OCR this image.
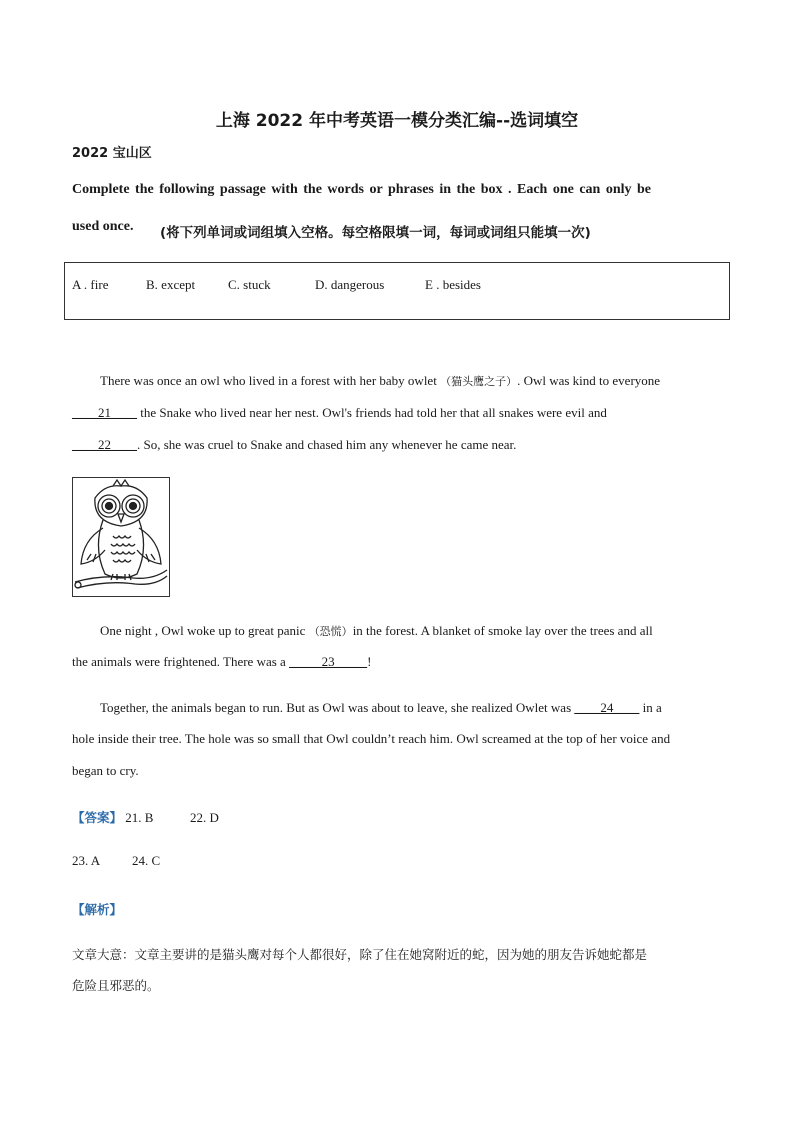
上海 2022 年中考英语一模分类汇编--选词填空
2022 宝山区
Complete the following passage with the words or phrases in the box . Each one can only be
used once. (将下列单词或词组填入空格。每空格限填一词，每词或词组只能填一次)
A . fire	B. except	C. stuck	D. dangerous	E . besides
There was once an owl who lived in a forest with her baby owlet （猫头鹰之子）. Owl was kind to everyone
____21____ the Snake who lived near her nest. Owl's friends had told her that all snakes were evil and
____22____. So, she was cruel to Snake and chased him any whenever he came near.
One night , Owl woke up to great panic （恐慌）in the forest. A blanket of smoke lay over the trees and all
the animals were frightened. There was a _____23_____!
Together, the animals began to run. But as Owl was about to leave, she realized Owlet was ____24____ in a
hole inside their tree. The hole was so small that Owl couldn’t reach him. Owl screamed at the top of her voice and
began to cry.
【答案】 21. B	22. D
23. A	24. C
【解析】
文章大意：文章主要讲的是猫头鹰对每个人都很好，除了住在她窝附近的蛇，因为她的朋友告诉她蛇都是
危险且邪恶的。
